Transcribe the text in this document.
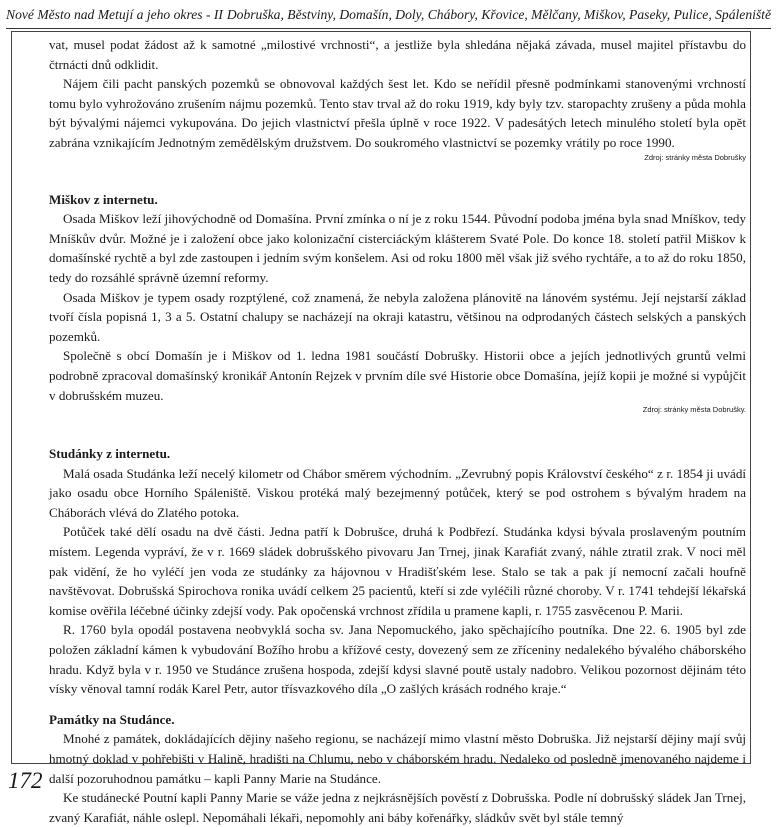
Nové Město nad Metují a jeho okres - II Dobruška, Běstviny, Domašín, Doly, Chábory, Křovice, Mělčany, Miškov, Paseky, Pulice, Spáleniště

vat, musel podat žádost až k samotné „milostivé vrchnosti“, a jestliže byla shledána nějaká závada, musel majitel přístavbu do čtrnácti dnů odklidit.

Nájem čili pacht panských pozemků se obnovoval každých šest let. Kdo se neřídil přesně podmínkami stanovenými vrchností tomu bylo vyhrožováno zrušením nájmu pozemků. Tento stav trval až do roku 1919, kdy byly tzv. staropachty zrušeny a půda mohla být bývalými nájemci vykupována. Do jejich vlastnictví přešla úplně v roce 1922. V padesátých letech minulého století byla opět zabrána vznikajícím Jednotným zemědělským družstvem. Do soukromého vlastnictví se pozemky vrátily po roce 1990.

Zdroj: stránky města Dobrušky
Miškov z internetu.

Osada Miškov leží jihovýchodně od Domašína. První zmínka o ní je z roku 1544. Původní podoba jména byla snad Mníškov, tedy Mníškův dvůr. Možné je i založení obce jako kolonizační cisterciáckým klášterem Svaté Pole. Do konce 18. století patřil Miškov k domašínské rychtě a byl zde zastoupen i jedním svým konšelem. Asi od roku 1800 měl však již svého rychtáře, a to až do roku 1850, tedy do rozsáhlé správně územní reformy.

Osada Miškov je typem osady rozptýlené, což znamená, že nebyla založena plánovitě na lánovém systému. Její nejstarší základ tvoří čísla popisná 1, 3 a 5. Ostatní chalupy se nacházejí na okraji katastru, většinou na odprodaných částech selských a panských pozemků.

Společně s obcí Domašín je i Miškov od 1. ledna 1981 součástí Dobrušky. Historii obce a jejích jednotlivých gruntů velmi podrobně zpracoval domašínský kronikář Antonín Rejzek v prvním díle své Historie obce Domašína, jejíž kopii je možné si vypůjčit v dobrušském muzeu.

Zdroj: stránky města Dobrušky.
Studánky z internetu.

Malá osada Studánka leží necelý kilometr od Chábor směrem východním. „Zevrubný popis Království českého“ z r. 1854 ji uvádí jako osadu obce Horního Spáleniště. Viskou protéká malý bezejmenný potůček, který se pod ostrohem s bývalým hradem na Cháborách vlévá do Zlatého potoka.

Potůček také dělí osadu na dvě části. Jedna patří k Dobrušce, druhá k Podbřezí. Studánka kdysi bývala proslaveným poutním místem. Legenda vypráví, že v r. 1669 sládek dobrušského pivovaru Jan Trnej, jinak Karafiát zvaný, náhle ztratil zrak. V noci měl pak vidění, že ho vyléčí jen voda ze studánky za hájovnou v Hradišťském lese. Stalo se tak a pak jí nemocní začali houfně navštěvovat. Dobrušská Spirochova ronika uvádí celkem 25 pacientů, kteří si zde vyléčili různé choroby. V r. 1741 tehdejší lékařská komise ověřila léčebné účinky zdejší vody. Pak opočenská vrchnost zřídila u pramene kapli, r. 1755 zasvěcenou P. Marii.

R. 1760 byla opodál postavena neobvyklá socha sv. Jana Nepomuckého, jako spěchajícího poutníka. Dne 22. 6. 1905 byl zde položen základní kámen k vybudování Božího hrobu a křížové cesty, dovezený sem ze zříceniny nedalekého bývalého cháborského hradu. Když byla v r. 1950 ve Studánce zrušena hospoda, zdejší kdysi slavné poutě ustaly nadobro. Velikou pozornost dějinám této vísky věnoval tamní rodák Karel Petr, autor třísvazkového díla „O zašlých krásách rodného kraje.“

Památky na Studánce.

Mnohé z památek, dokládajících dějiny našeho regionu, se nacházejí mimo vlastní město Dobruška. Již nejstarší dějiny mají svůj hmotný doklad v pohřebišti v Halině, hradišti na Chlumu, nebo v cháborském hradu. Nedaleko od posledně jmenovaného najdeme i další pozoruhodnou památku – kapli Panny Marie na Studánce.

Ke studánecké Poutní kapli Panny Marie se váže jedna z nejkrásnějších pověstí z Dobrušska. Podle ní dobrušský sládek Jan Trnej, zvaný Karafiát, náhle oslepl. Nepomáhali lékaři, nepomohly ani báby kořenářky, sládkův svět byl stále temný

172
